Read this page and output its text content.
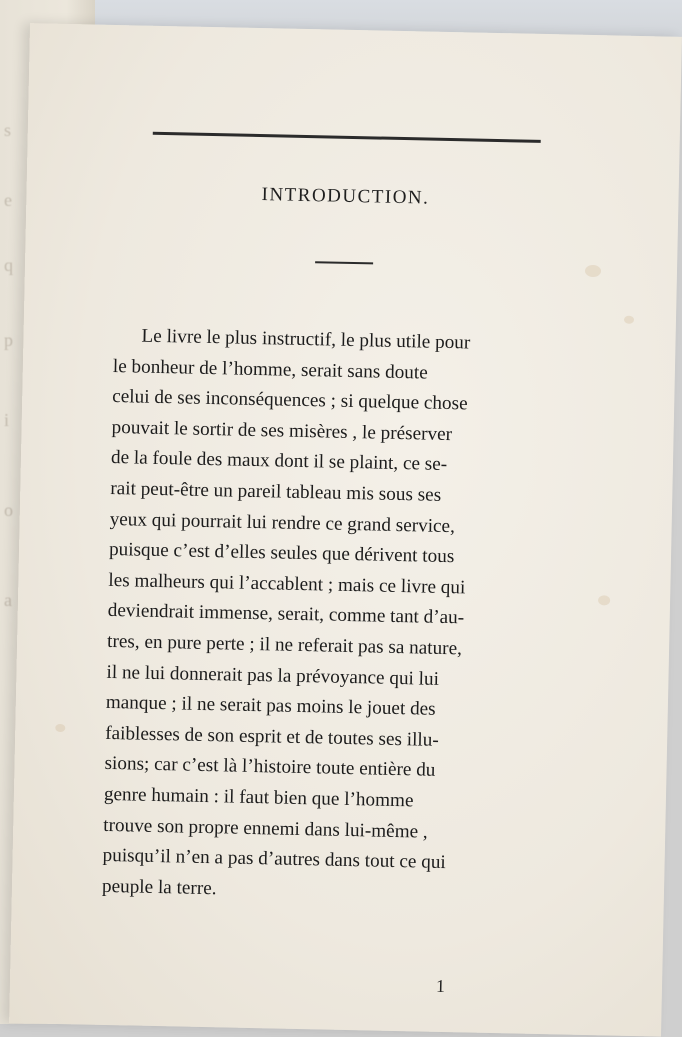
s
e
q
p
i
o
a
INTRODUCTION.
Le livre le plus instructif, le plus utile pour
le bonheur de l’homme, serait sans doute
celui de ses inconséquences ; si quelque chose
pouvait le sortir de ses misères , le préserver
de la foule des maux dont il se plaint, ce se-
rait peut-être un pareil tableau mis sous ses
yeux qui pourrait lui rendre ce grand service,
puisque c’est d’elles seules que dérivent tous
les malheurs qui l’accablent ; mais ce livre qui
deviendrait immense, serait, comme tant d’au-
tres, en pure perte ; il ne referait pas sa nature,
il ne lui donnerait pas la prévoyance qui lui
manque ; il ne serait pas moins le jouet des
faiblesses de son esprit et de toutes ses illu-
sions; car c’est là l’histoire toute entière du
genre humain : il faut bien que l’homme
trouve son propre ennemi dans lui-même ,
puisqu’il n’en a pas d’autres dans tout ce qui
peuple la terre.
1
